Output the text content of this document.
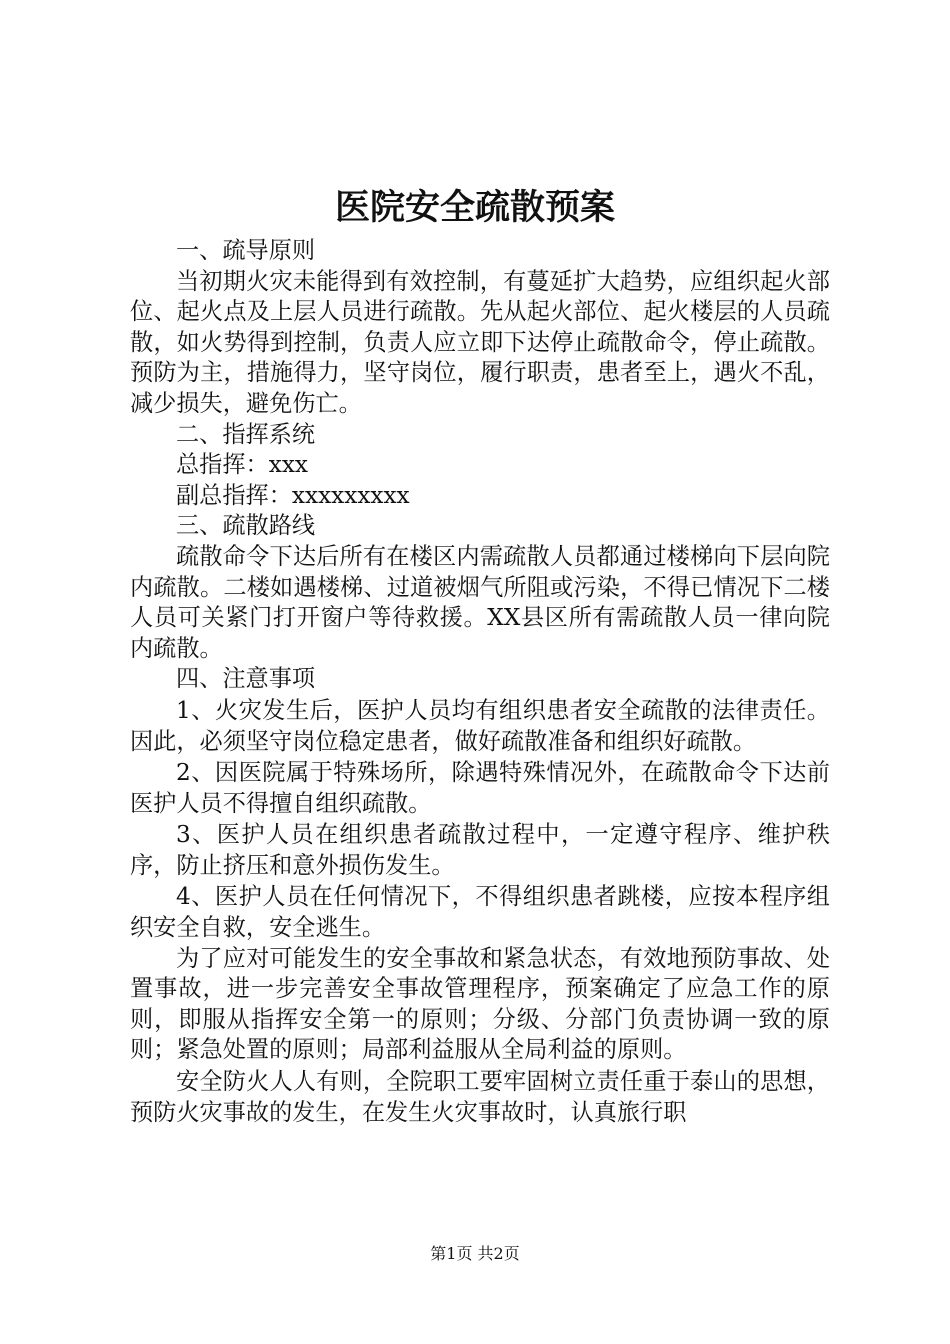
医院安全疏散预案

一、疏导原则

当初期火灾未能得到有效控制，有蔓延扩大趋势，应组织起火部位、起火点及上层人员进行疏散。先从起火部位、起火楼层的人员疏散，如火势得到控制，负责人应立即下达停止疏散命令，停止疏散。预防为主，措施得力，坚守岗位，履行职责，患者至上，遇火不乱，减少损失，避免伤亡。

二、指挥系统

总指挥：xxx

副总指挥：xxxxxxxxx

三、疏散路线

疏散命令下达后所有在楼区内需疏散人员都通过楼梯向下层向院内疏散。二楼如遇楼梯、过道被烟气所阻或污染，不得已情况下二楼人员可关紧门打开窗户等待救援。XX县区所有需疏散人员一律向院内疏散。

四、注意事项

1、火灾发生后，医护人员均有组织患者安全疏散的法律责任。因此，必须坚守岗位稳定患者，做好疏散准备和组织好疏散。

2、因医院属于特殊场所，除遇特殊情况外，在疏散命令下达前医护人员不得擅自组织疏散。

3、医护人员在组织患者疏散过程中，一定遵守程序、维护秩序，防止挤压和意外损伤发生。

4、医护人员在任何情况下，不得组织患者跳楼，应按本程序组织安全自救，安全逃生。

为了应对可能发生的安全事故和紧急状态，有效地预防事故、处置事故，进一步完善安全事故管理程序，预案确定了应急工作的原则，即服从指挥安全第一的原则；分级、分部门负责协调一致的原则；紧急处置的原则；局部利益服从全局利益的原则。

安全防火人人有则，全院职工要牢固树立责任重于泰山的思想，预防火灾事故的发生，在发生火灾事故时，认真旅行职

第1页 共2页
